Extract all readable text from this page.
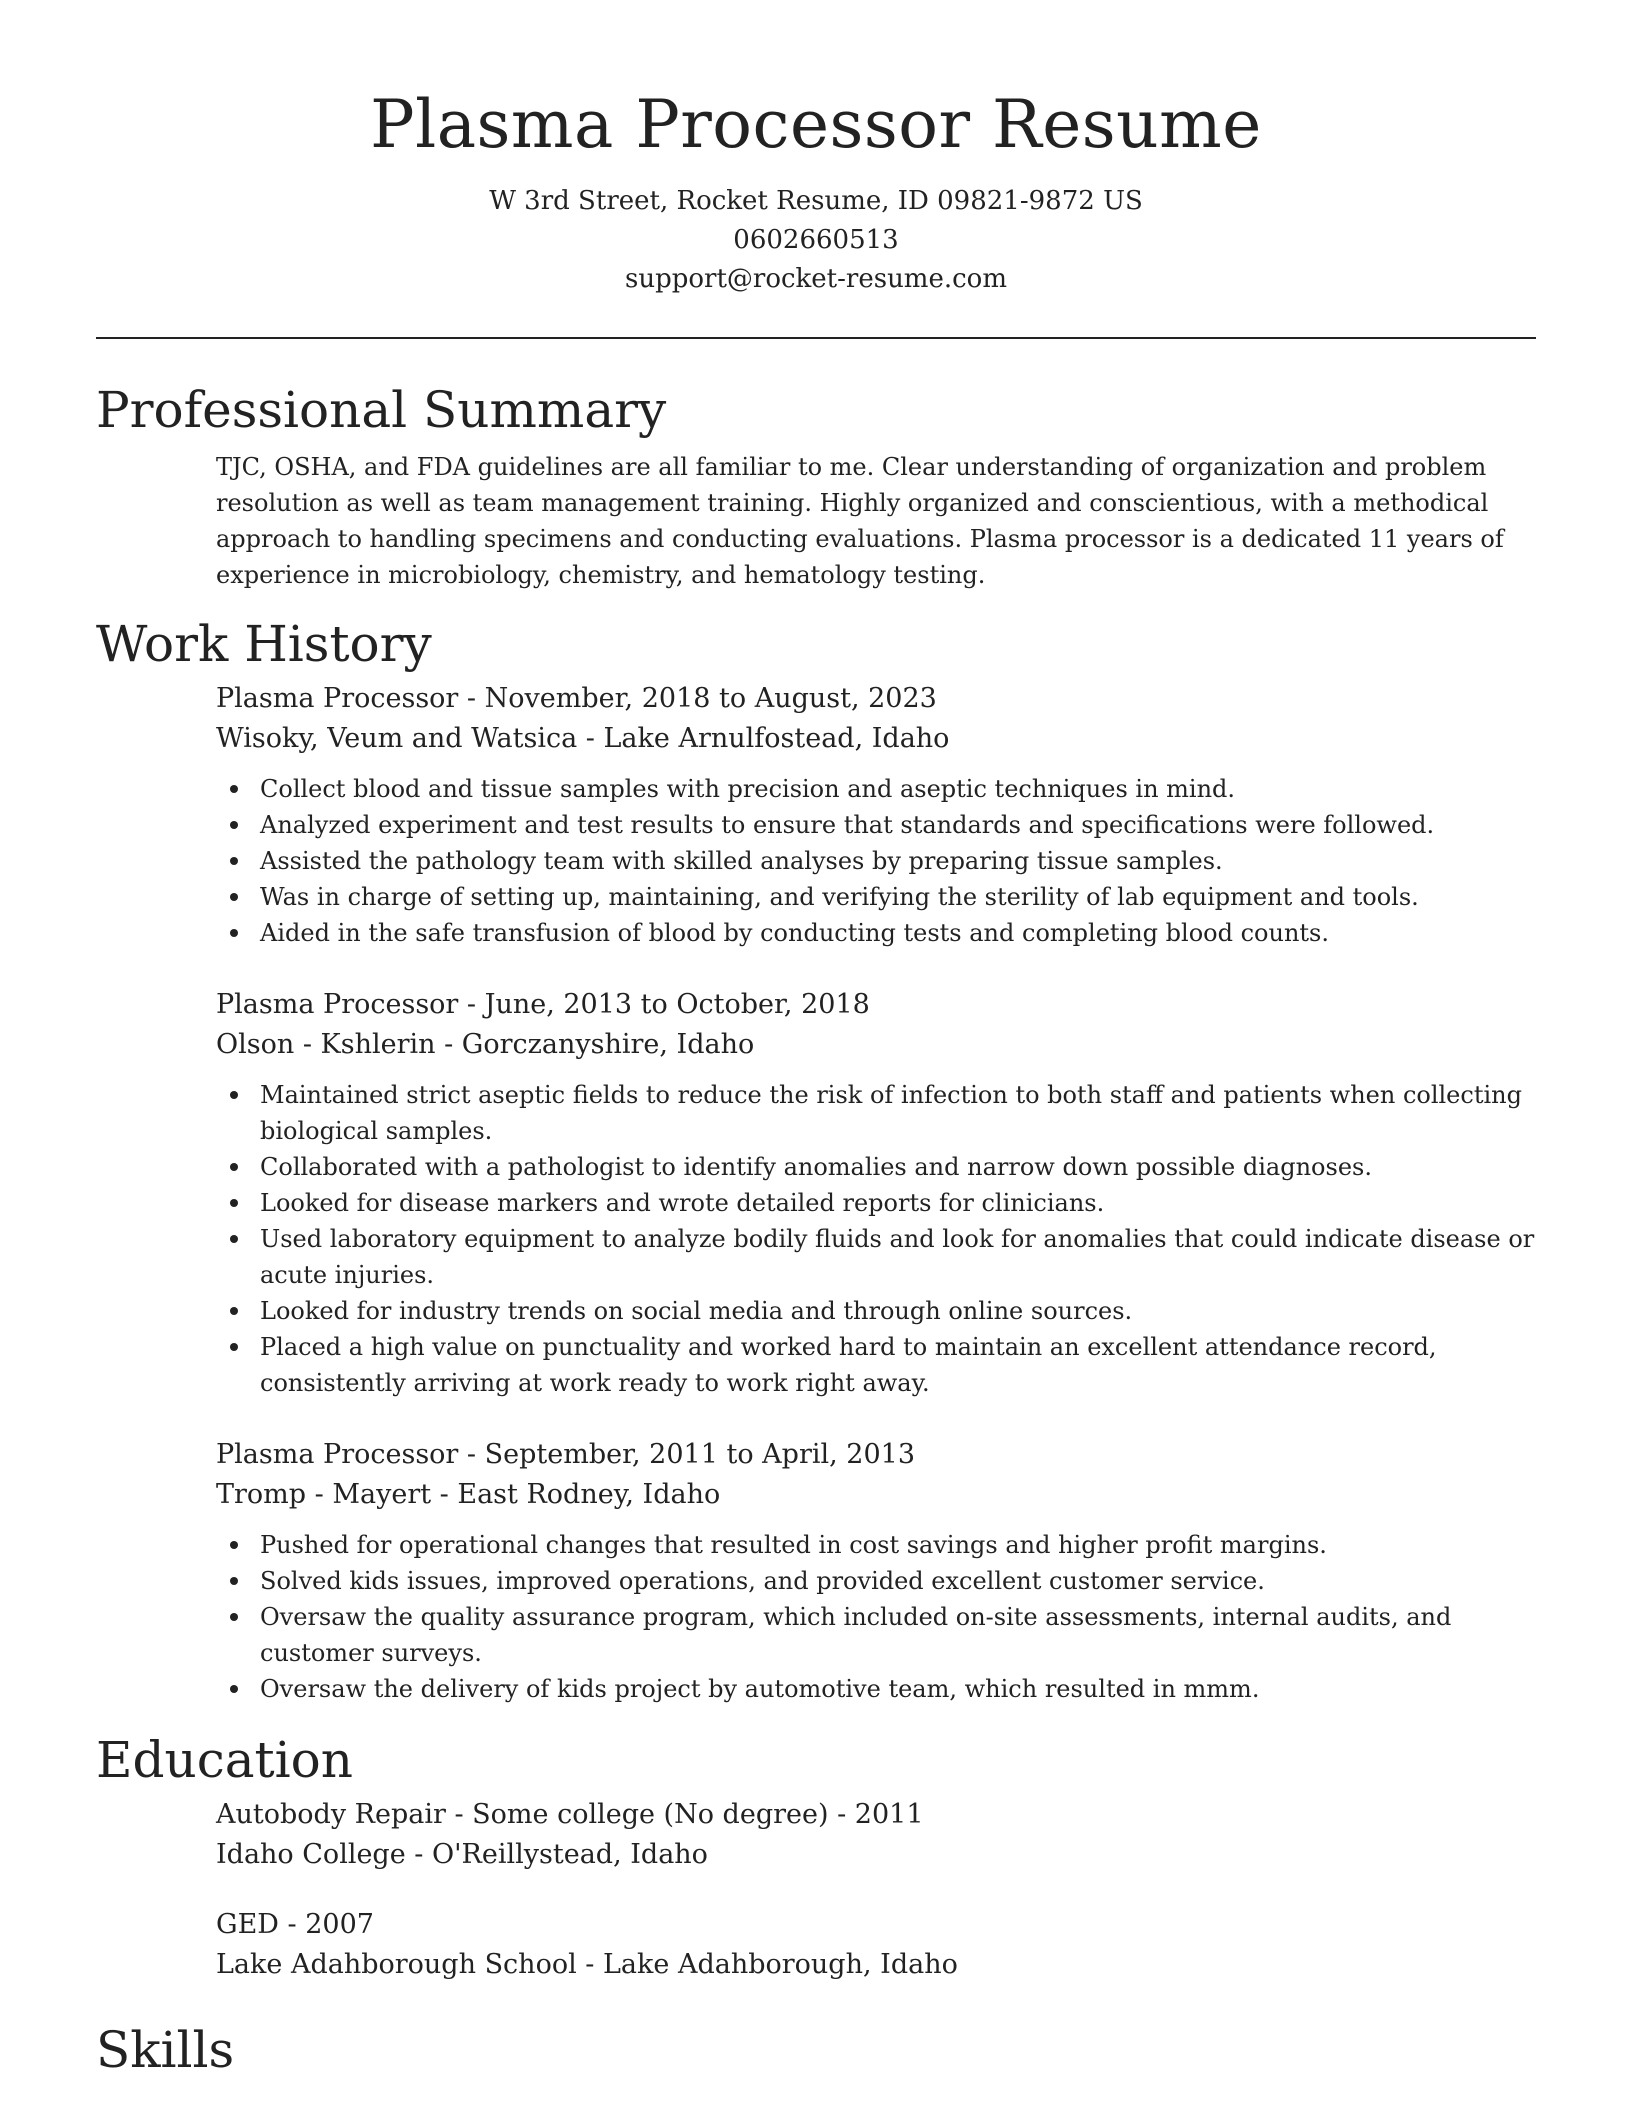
Plasma Processor Resume
W 3rd Street, Rocket Resume, ID 09821-9872 US
0602660513
support@rocket-resume.com
Professional Summary

TJC, OSHA, and FDA guidelines are all familiar to me. Clear understanding of organization and problem resolution as well as team management training. Highly organized and conscientious, with a methodical approach to handling specimens and conducting evaluations. Plasma processor is a dedicated 11 years of experience in microbiology, chemistry, and hematology testing.

Work History
Plasma Processor - November, 2018 to August, 2023
Wisoky, Veum and Watsica - Lake Arnulfostead, Idaho
Collect blood and tissue samples with precision and aseptic techniques in mind.
Analyzed experiment and test results to ensure that standards and specifications were followed.
Assisted the pathology team with skilled analyses by preparing tissue samples.
Was in charge of setting up, maintaining, and verifying the sterility of lab equipment and tools.
Aided in the safe transfusion of blood by conducting tests and completing blood counts.
Plasma Processor - June, 2013 to October, 2018
Olson - Kshlerin - Gorczanyshire, Idaho
Maintained strict aseptic fields to reduce the risk of infection to both staff and patients when collecting biological samples.
Collaborated with a pathologist to identify anomalies and narrow down possible diagnoses.
Looked for disease markers and wrote detailed reports for clinicians.
Used laboratory equipment to analyze bodily fluids and look for anomalies that could indicate disease or acute injuries.
Looked for industry trends on social media and through online sources.
Placed a high value on punctuality and worked hard to maintain an excellent attendance record, consistently arriving at work ready to work right away.
Plasma Processor - September, 2011 to April, 2013
Tromp - Mayert - East Rodney, Idaho
Pushed for operational changes that resulted in cost savings and higher profit margins.
Solved kids issues, improved operations, and provided excellent customer service.
Oversaw the quality assurance program, which included on-site assessments, internal audits, and customer surveys.
Oversaw the delivery of kids project by automotive team, which resulted in mmm.
Education
Autobody Repair - Some college (No degree) - 2011
Idaho College - O'Reillystead, Idaho
GED - 2007
Lake Adahborough School - Lake Adahborough, Idaho
Skills
